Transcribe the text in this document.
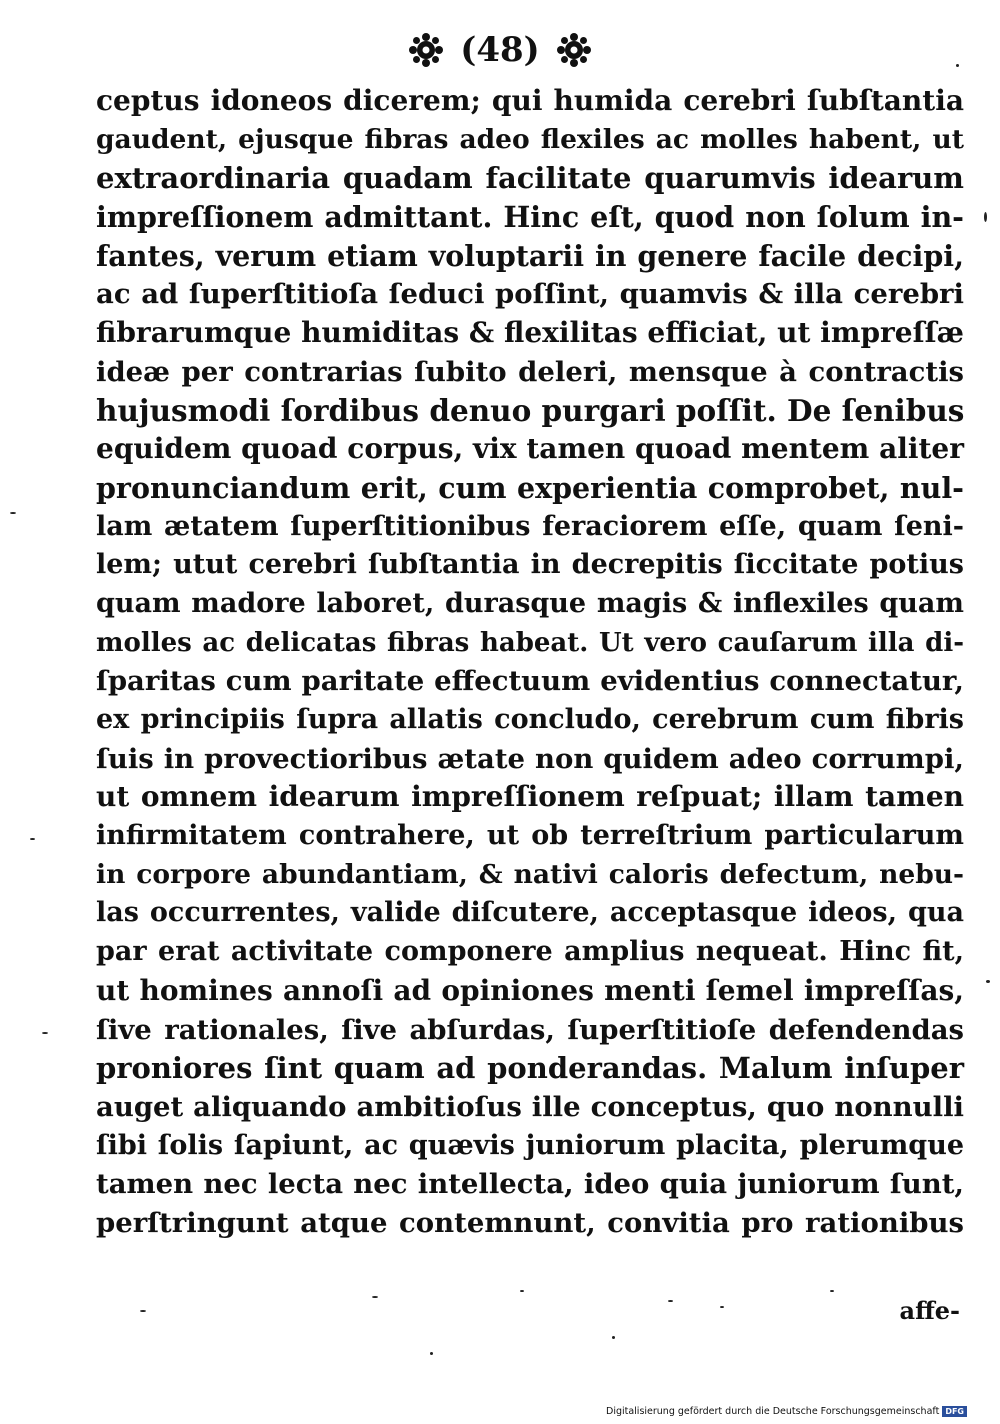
(48)
ceptus idoneos dicerem; qui humida cerebri ſubſtantia
gaudent, ejusque fibras adeo flexiles ac molles habent, ut
extraordinaria quadam facilitate quarumvis idearum
impreſſionem admittant. Hinc eſt, quod non ſolum in-
fantes, verum etiam voluptarii in genere facile decipi,
ac ad ſuperſtitioſa ſeduci poſſint, quamvis & illa cerebri
fibrarumque humiditas & flexilitas efficiat, ut impreſſæ
ideæ per contrarias ſubito deleri, mensque à contractis
hujusmodi ſordibus denuo purgari poſſit. De ſenibus
equidem quoad corpus, vix tamen quoad mentem aliter
pronunciandum erit, cum experientia comprobet, nul-
lam ætatem ſuperſtitionibus feraciorem eſſe, quam ſeni-
lem; utut cerebri ſubſtantia in decrepitis ſiccitate potius
quam madore laboret, durasque magis & inflexiles quam
molles ac delicatas fibras habeat. Ut vero cauſarum illa di-
ſparitas cum paritate effectuum evidentius connectatur,
ex principiis ſupra allatis concludo, cerebrum cum fibris
ſuis in provectioribus ætate non quidem adeo corrumpi,
ut omnem idearum impreſſionem reſpuat; illam tamen
infirmitatem contrahere, ut ob terreſtrium particularum
in corpore abundantiam, & nativi caloris defectum, nebu-
las occurrentes, valide diſcutere, acceptasque ideos, qua
par erat activitate componere amplius nequeat. Hinc fit,
ut homines annoſi ad opiniones menti ſemel impreſſas,
ſive rationales, ſive abſurdas, ſuperſtitioſe defendendas
proniores ſint quam ad ponderandas. Malum inſuper
auget aliquando ambitioſus ille conceptus, quo nonnulli
ſibi ſolis ſapiunt, ac quævis juniorum placita, plerumque
tamen nec lecta nec intellecta, ideo quia juniorum ſunt,
perſtringunt atque contemnunt, convitia pro rationibus
affe-
Digitalisierung gefördert durch die Deutsche Forschungsgemeinschaft DFG
